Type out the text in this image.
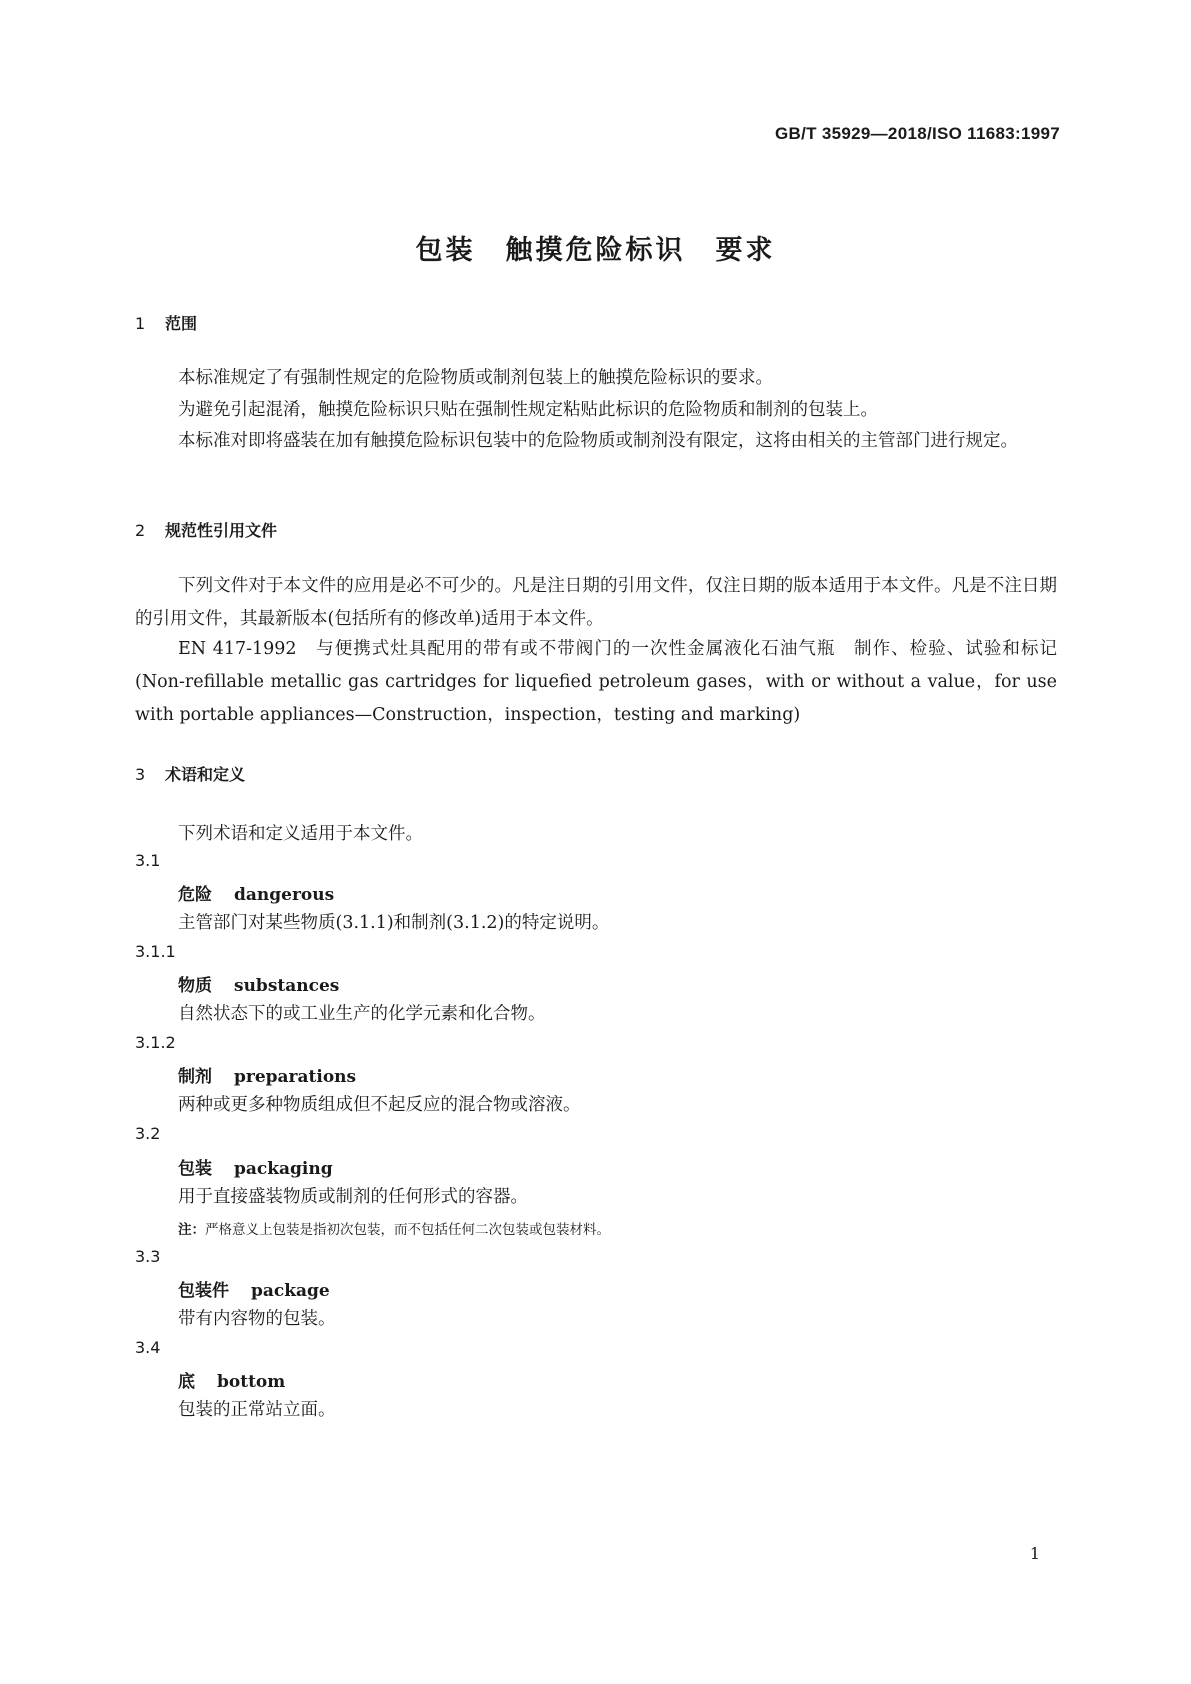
GB/T 35929—2018/ISO 11683:1997
包装　触摸危险标识　要求
1 范围

本标准规定了有强制性规定的危险物质或制剂包装上的触摸危险标识的要求。

为避免引起混淆，触摸危险标识只贴在强制性规定粘贴此标识的危险物质和制剂的包装上。

本标准对即将盛装在加有触摸危险标识包装中的危险物质或制剂没有限定，这将由相关的主管部门进行规定。

2 规范性引用文件

下列文件对于本文件的应用是必不可少的。凡是注日期的引用文件，仅注日期的版本适用于本文件。凡是不注日期的引用文件，其最新版本(包括所有的修改单)适用于本文件。

EN 417-1992　与便携式灶具配用的带有或不带阀门的一次性金属液化石油气瓶　制作、检验、试验和标记(Non-refillable metallic gas cartridges for liquefied petroleum gases，with or without a value，for use with portable appliances—Construction，inspection，testing and marking)

3 术语和定义

下列术语和定义适用于本文件。

3.1
危险 dangerous

主管部门对某些物质(3.1.1)和制剂(3.1.2)的特定说明。

3.1.1
物质 substances

自然状态下的或工业生产的化学元素和化合物。

3.1.2
制剂 preparations

两种或更多种物质组成但不起反应的混合物或溶液。

3.2
包装 packaging

用于直接盛装物质或制剂的任何形式的容器。

注：严格意义上包装是指初次包装，而不包括任何二次包装或包装材料。
3.3
包装件 package

带有内容物的包装。

3.4
底 bottom

包装的正常站立面。

1
